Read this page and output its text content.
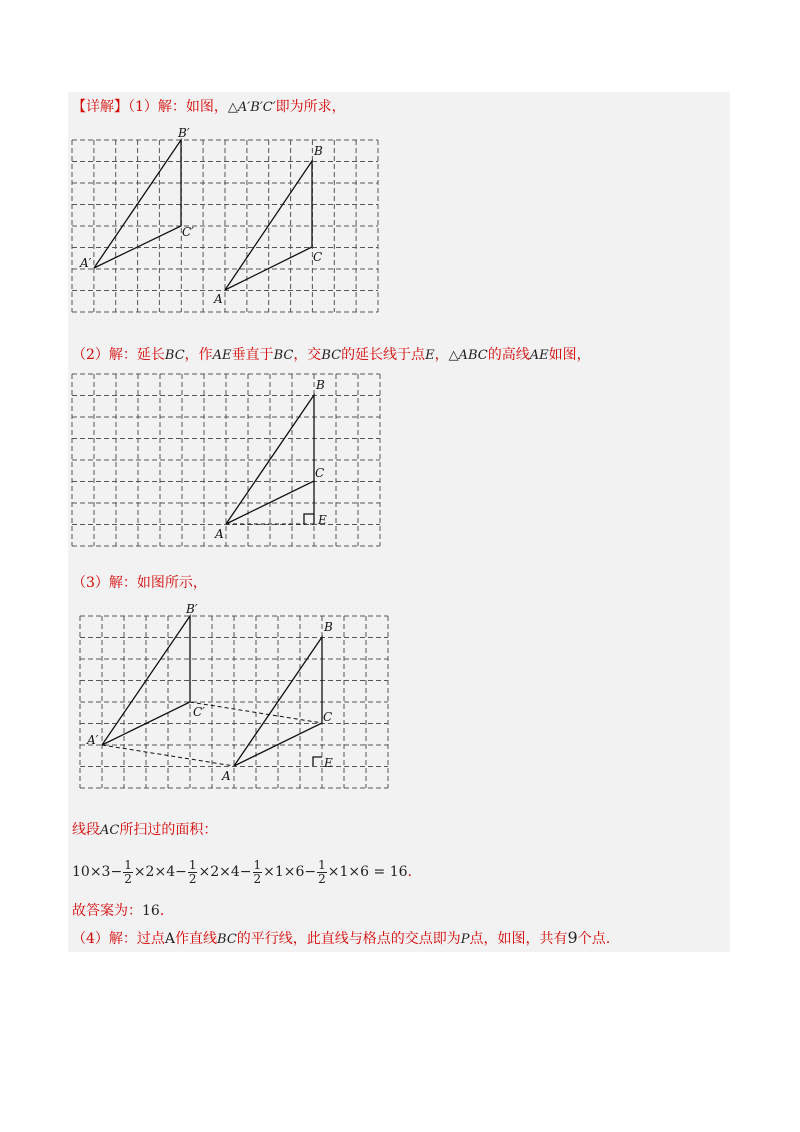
【详解】（1）解：如图，△A′B′C′即为所求，
B′
C′
A′
B
C
A
（2）解：延长BC，作AE垂直于BC，交BC的延长线于点E，△ABC的高线AE如图，
B
C
E
A
（3）解：如图所示，
B′
B
C′	C
A′
A
E
线段AC所扫过的面积：
$10\times 3- \frac{1}{2} \times 2\times 4- \frac{1}{2} \times 2\times 4- \frac{1}{2} \times 1\times 6- \frac{1}{2} \times 1\times 6 = 16$.
故答案为：16.
（4）解：过点A作直线BC的平行线，此直线与格点的交点即为P点，如图，共有9个点.
